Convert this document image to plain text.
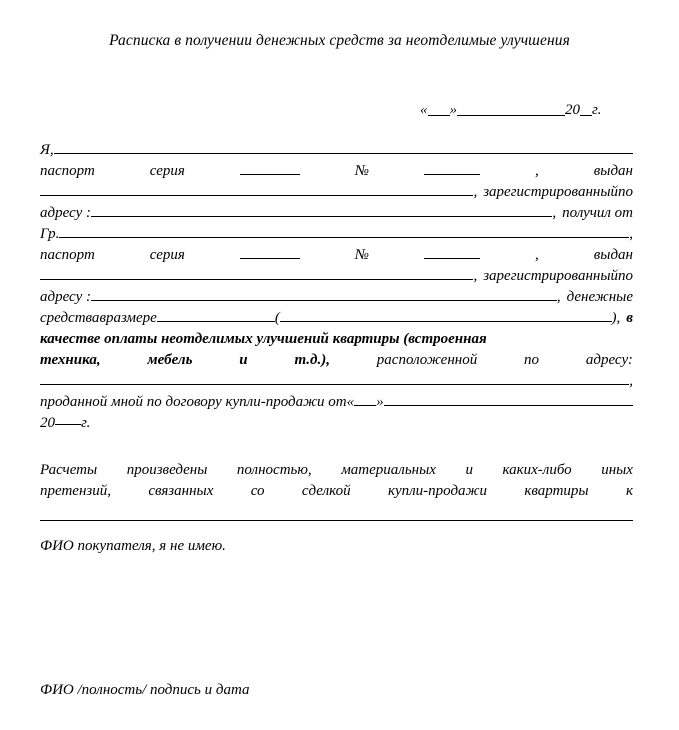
Расписка в получении денежных средств за неотделимые улучшения
« »	20 г.
Я,
паспорт	серия	№	,	выдан
, зарегистрированный по
адресу :	, получил от
Гр.	,
паспорт	серия	№	,	выдан
, зарегистрированный по
адресу :	, денежные
средства в размере	(	) , в
качестве оплаты неотделимых улучшений квартиры (встроенная
техника,	мебель	и	т.д.),	расположенной	по	адресу:
,
проданной мной по договору купли-продажи от « »
20 г.
Расчеты произведены полностью, материальных и каких-либо иных
претензий, связанных со сделкой купли-продажи квартиры к
ФИО покупателя, я не имею.
ФИО /полность/ подпись и дата
